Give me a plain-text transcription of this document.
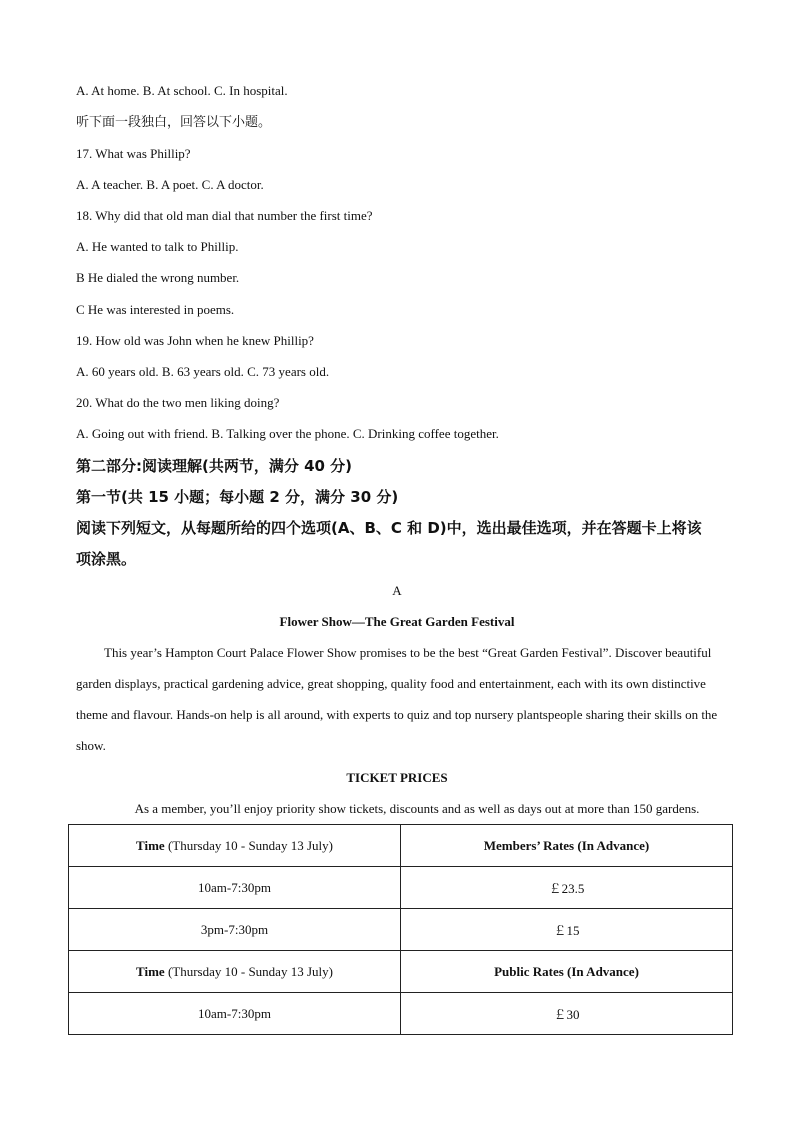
A. At home. B. At school. C. In hospital.
听下面一段独白，回答以下小题。
17. What was Phillip?
A. A teacher. B. A poet. C. A doctor.
18. Why did that old man dial that number the first time?
A. He wanted to talk to Phillip.
B He dialed the wrong number.
C He was interested in poems.
19. How old was John when he knew Phillip?
A. 60 years old. B. 63 years old. C. 73 years old.
20. What do the two men liking doing?
A. Going out with friend. B. Talking over the phone. C. Drinking coffee together.
第二部分:阅读理解(共两节，满分 40 分)
第一节(共 15 小题；每小题 2 分，满分 30 分)
阅读下列短文，从每题所给的四个选项(A、B、C 和 D)中，选出最佳选项，并在答题卡上将该
项涂黑。
A
Flower Show—The Great Garden Festival

This year’s Hampton Court Palace Flower Show promises to be the best “Great Garden Festival”. Discover beautiful garden displays, practical gardening advice, great shopping, quality food and entertainment, each with its own distinctive theme and flavour. Hands-on help is all around, with experts to quiz and top nursery plantspeople sharing their skills on the show.

TICKET PRICES
As a member, you’ll enjoy priority show tickets, discounts and as well as days out at more than 150 gardens.
Time (Thursday 10 - Sunday 13 July)	Members’ Rates (In Advance)
10am-7:30pm	￡23.5
3pm-7:30pm	￡15
Time (Thursday 10 - Sunday 13 July)	Public Rates (In Advance)
10am-7:30pm	￡30
